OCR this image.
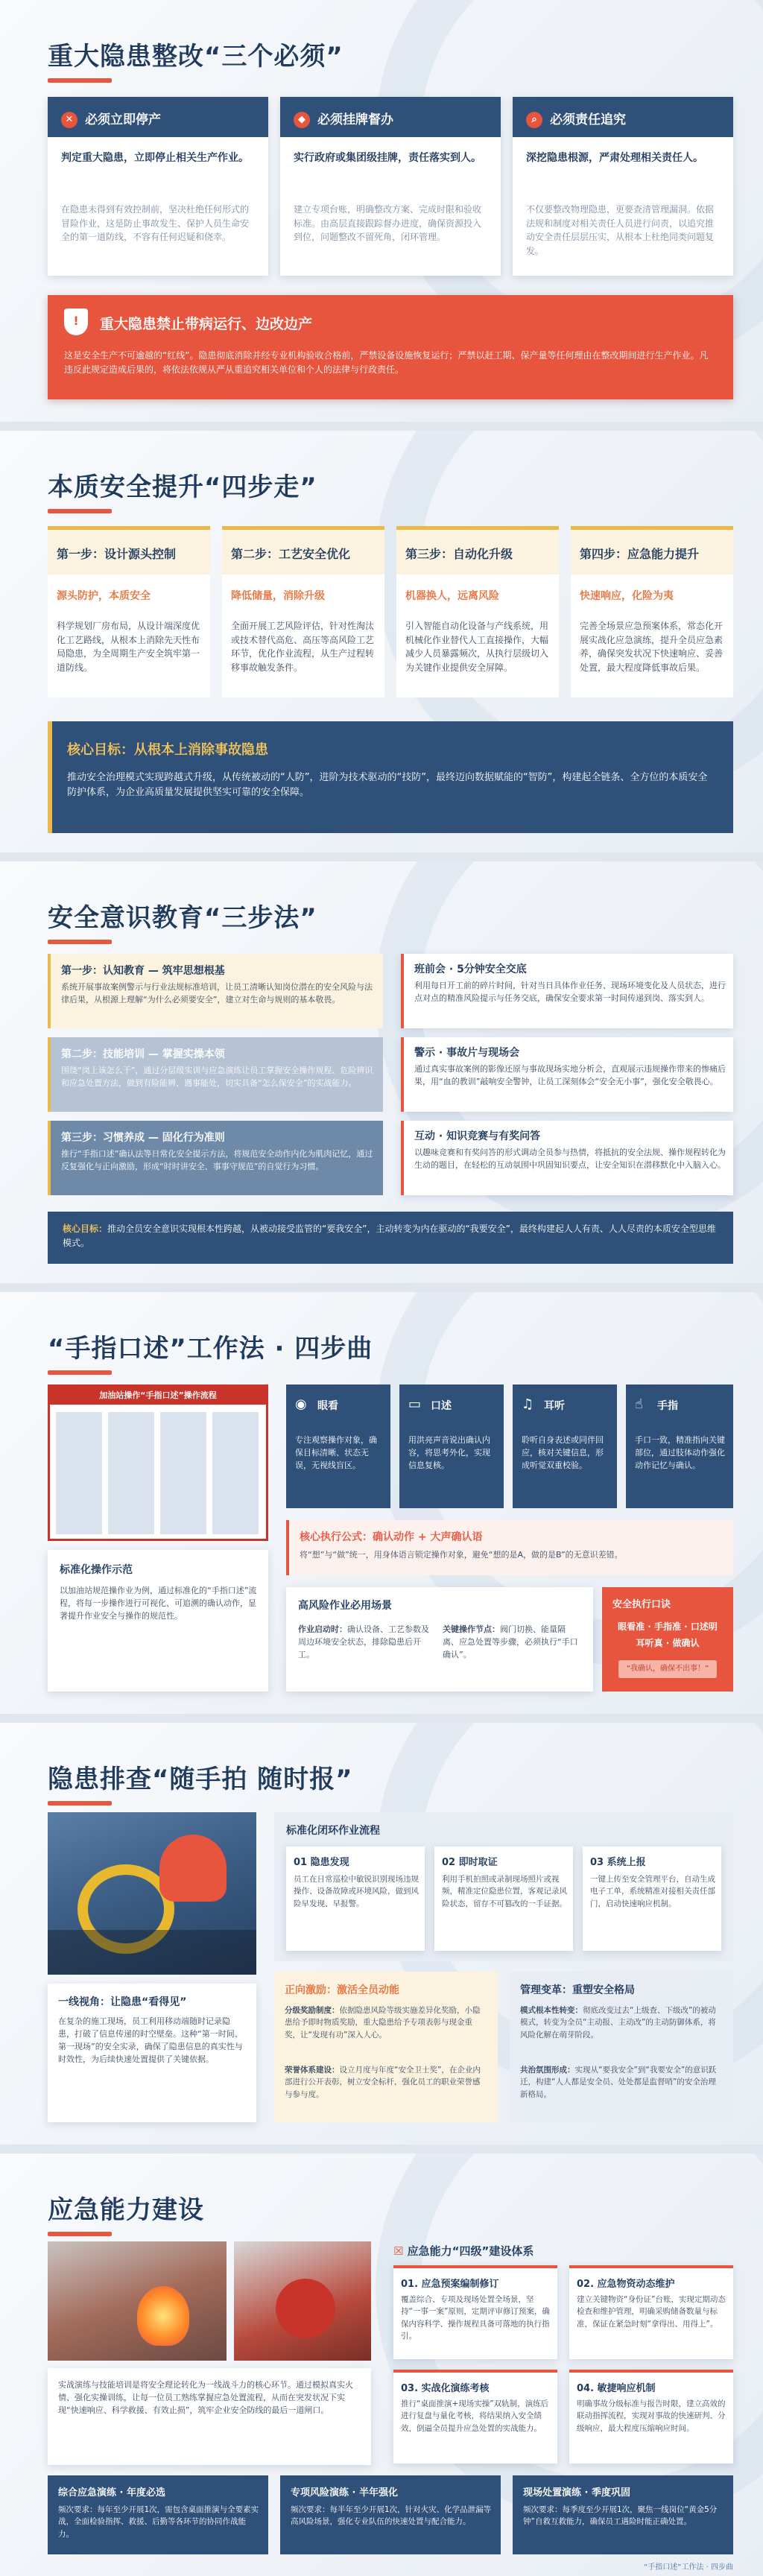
重大隐患整改“三个必须”
✕ 必须立即停产
判定重大隐患，立即停止相关生产作业。
在隐患未得到有效控制前，坚决杜绝任何形式的冒险作业，这是防止事故发生、保护人员生命安全的第一道防线，不容有任何迟疑和侥幸。
◆ 必须挂牌督办
实行政府或集团级挂牌，责任落实到人。
建立专项台账，明确整改方案、完成时限和验收标准。由高层直接跟踪督办进度，确保资源投入到位，问题整改不留死角，闭环管理。
⌕ 必须责任追究
深挖隐患根源，严肃处理相关责任人。
不仅要整改物理隐患，更要查清管理漏洞。依据法规和制度对相关责任人员进行问责，以追究推动安全责任层层压实，从根本上杜绝同类问题复发。
!	重大隐患禁止带病运行、边改边产
这是安全生产不可逾越的“红线”。隐患彻底消除并经专业机构验收合格前，严禁设备设施恢复运行；严禁以赶工期、保产量等任何理由在整改期间进行生产作业。凡违反此规定造成后果的，将依法依规从严从重追究相关单位和个人的法律与行政责任。
本质安全提升“四步走”
第一步：设计源头控制
源头防护，本质安全
科学规划厂房布局，从设计端深度优化工艺路线，从根本上消除先天性布局隐患，为全周期生产安全筑牢第一道防线。
第二步：工艺安全优化
降低储量，消除升级
全面开展工艺风险评估，针对性淘汰或技术替代高危、高压等高风险工艺环节，优化作业流程，从生产过程转移事故触发条件。
第三步：自动化升级
机器换人，远离风险
引入智能自动化设备与产线系统，用机械化作业替代人工直接操作，大幅减少人员暴露频次，从执行层级切入为关键作业提供安全屏障。
第四步：应急能力提升
快速响应，化险为夷
完善全场景应急预案体系，常态化开展实战化应急演练，提升全员应急素养，确保突发状况下快速响应、妥善处置，最大程度降低事故后果。
核心目标：从根本上消除事故隐患
推动安全治理模式实现跨越式升级，从传统被动的“人防”，进阶为技术驱动的“技防”，最终迈向数据赋能的“智防”，构建起全链条、全方位的本质安全防护体系，为企业高质量发展提供坚实可靠的安全保障。
安全意识教育“三步法”
第一步：认知教育 — 筑牢思想根基
系统开展事故案例警示与行业法规标准培训，让员工清晰认知岗位潜在的安全风险与法律后果，从根源上理解“为什么必须要安全”，建立对生命与规则的基本敬畏。
第二步：技能培训 — 掌握实操本领
围绕“岗上该怎么干”，通过分层级实训与应急演练让员工掌握安全操作规程、危险辨识和应急处置方法，做到有险能辨、遇事能处，切实具备“怎么保安全”的实战能力。
第三步：习惯养成 — 固化行为准则
推行“手指口述”确认法等日常化安全提示方法，将规范安全动作内化为肌肉记忆，通过反复强化与正向激励，形成“时时讲安全、事事守规范”的自觉行为习惯。
班前会 · 5分钟安全交底
利用每日开工前的碎片时间，针对当日具体作业任务、现场环境变化及人员状态，进行点对点的精准风险提示与任务交底，确保安全要求第一时间传递到岗、落实到人。
警示 · 事故片与现场会
通过真实事故案例的影像还原与事故现场实地分析会，直观展示违规操作带来的惨痛后果，用“血的教训”敲响安全警钟，让员工深刻体会“安全无小事”，强化安全敬畏心。
互动 · 知识竞赛与有奖问答
以趣味竞赛和有奖问答的形式调动全员参与热情，将抵抗的安全法规、操作规程转化为生动的题目，在轻松的互动氛围中巩固知识要点，让安全知识在潜移默化中入脑入心。
核心目标：推动全员安全意识实现根本性跨越，从被动接受监管的“要我安全”，主动转变为内在驱动的“我要安全”，最终构建起人人有责、人人尽责的本质安全型思维模式。
“手指口述”工作法 · 四步曲
加油站操作“手指口述”操作流程
标准化操作示范
以加油站规范操作业为例，通过标准化的“手指口述”流程，将每一步操作进行可视化、可追溯的确认动作，显著提升作业安全与操作的规范性。
◉ 眼看
专注观察操作对象，确保目标清晰、状态无误，无视线盲区。
▭ 口述
用洪亮声音说出确认内容，将思考外化，实现信息复核。
♫ 耳听
聆听自身表述或同伴回应，核对关键信息，形成听觉双重校验。
☝ 手指
手口一致，精准指向关键部位，通过肢体动作强化动作记忆与确认。
核心执行公式：确认动作 + 大声确认语
将“想”与“做”统一，用身体语言锁定操作对象，避免“想的是A，做的是B”的无意识差错。
高风险作业必用场景
作业启动时：确认设备、工艺参数及周边环境安全状态，排除隐患后开工。
关键操作节点：阀门切换、能量隔离、应急处置等步骤，必须执行“手口确认”。
安全执行口诀
眼看准 · 手指准 · 口述明
耳听真 · 做确认
“我确认，确保不出事！”
隐患排查“随手拍 随时报”
一线视角：让隐患“看得见”
在复杂的施工现场，员工利用移动端随时记录隐患，打破了信息传递的时空壁垒。这种“第一时间、第一现场”的安全实录，确保了隐患信息的真实性与时效性，为后续快速处置提供了关键依据。
标准化闭环作业流程
01 隐患发现
员工在日常巡检中敏锐识别现场违规操作、设备故障或环境风险，做到风险早发现、早报警。
02 即时取证
利用手机拍照或录制现场照片或视频，精准定位隐患位置，客观记录风险状态，留存不可篡改的一手证据。
03 系统上报
一键上传至安全管理平台，自动生成电子工单，系统精准对接相关责任部门，启动快速响应机制。
正向激励：激活全员动能
分级奖励制度：依据隐患风险等级实施差异化奖励，小隐患给予即时物质奖励，重大隐患给予专项表彰与现金重奖，让“发现有功”深入人心。
荣誉体系建设：设立月度与年度“安全卫士奖”，在企业内部进行公开表彰，树立安全标杆，强化员工的职业荣誉感与参与度。
管理变革：重塑安全格局
模式根本性转变：彻底改变过去“上级查、下级改”的被动模式，转变为全员“主动报、主动改”的主动防御体系，将风险化解在萌芽阶段。
共治氛围形成：实现从“要我安全”到“我要安全”的意识跃迁，构建“人人都是安全员、处处都是监督哨”的安全治理新格局。
应急能力建设
实战演练与技能培训是将安全理论转化为一线战斗力的核心环节。通过模拟真实火情、强化实操训练，让每一位员工熟练掌握应急处置流程，从而在突发状况下实现“快速响应、科学救援、有效止损”，筑牢企业安全防线的最后一道闸口。
☒ 应急能力“四级”建设体系
01. 应急预案编制修订
覆盖综合、专项及现场处置全场景，坚持“一事一案”原则，定期评审修订预案，确保内容科学、操作规程具备可落地的执行指引。
02. 应急物资动态维护
建立关键物资“身份证”台账，实现定期动态检查和维护管理，明确采购储备数量与标准，保证在紧急时刻“拿得出、用得上”。
03. 实战化演练考核
推行“桌面推演+现场实操”双轨制，演练后进行复盘与量化考核，将结果纳入安全绩效，倒逼全员提升应急处置的实战能力。
04. 敏捷响应机制
明确事故分级标准与报告时限，建立高效的联动指挥流程，实现对事故的快速研判、分级响应，最大程度压缩响应时间。
综合应急演练 · 年度必选
频次要求：每年至少开展1次，需包含桌面推演与全要素实战，全面检验指挥、救援、后勤等各环节的协同作战能力。
专项风险演练 · 半年强化
频次要求：每半年至少开展1次，针对火灾、化学品泄漏等高风险场景，强化专业队伍的快速处置与配合能力。
现场处置演练 · 季度巩固
频次要求：每季度至少开展1次，聚焦一线岗位“黄金5分钟”自救互救能力，确保员工遇险时能正确处置。
“手指口述”工作法 · 四步曲
